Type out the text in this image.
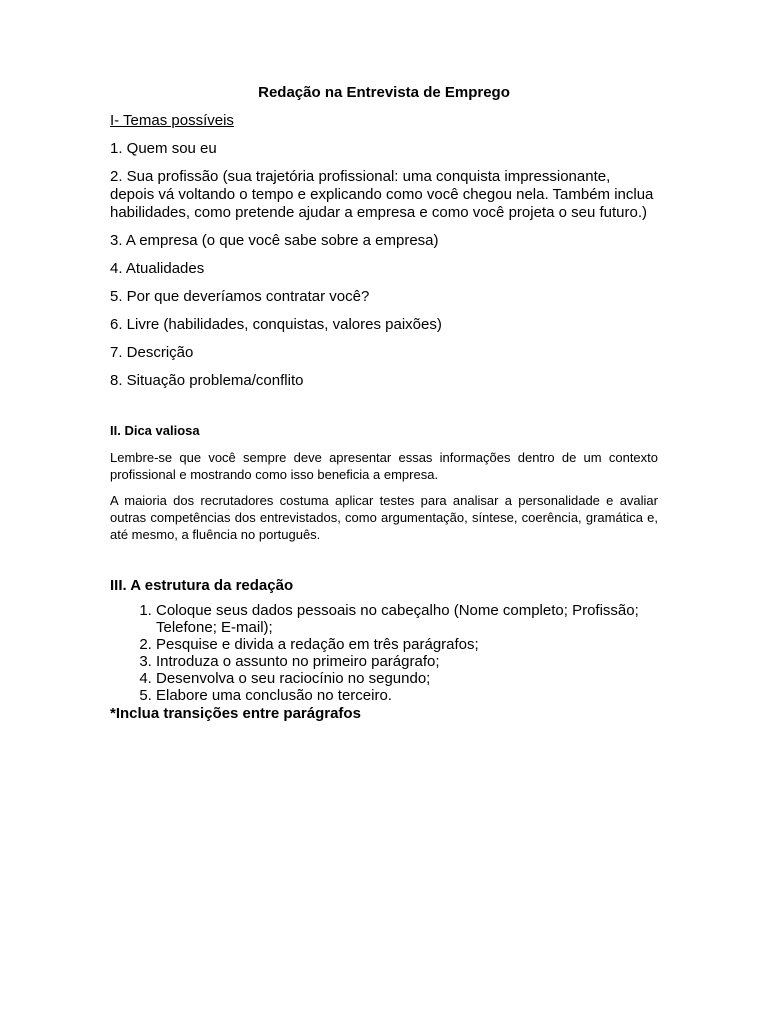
Redação na Entrevista de Emprego
I- Temas possíveis
1. Quem sou eu
2. Sua profissão (sua trajetória profissional: uma conquista impressionante, depois vá voltando o tempo e explicando como você chegou nela. Também inclua habilidades, como pretende ajudar a empresa e como você projeta o seu futuro.)
3. A empresa (o que você sabe sobre a empresa)
4. Atualidades
5. Por que deveríamos contratar você?
6. Livre (habilidades, conquistas, valores paixões)
7. Descrição
8. Situação problema/conflito
II. Dica valiosa

Lembre-se que você sempre deve apresentar essas informações dentro de um contexto profissional e mostrando como isso beneficia a empresa.

A maioria dos recrutadores costuma aplicar testes para analisar a personalidade e avaliar outras competências dos entrevistados, como argumentação, síntese, coerência, gramática e, até mesmo, a fluência no português.

III. A estrutura da redação
1. Coloque seus dados pessoais no cabeçalho (Nome completo; Profissão; Telefone; E-mail);
2. Pesquise e divida a redação em três parágrafos;
3. Introduza o assunto no primeiro parágrafo;
4. Desenvolva o seu raciocínio no segundo;
5. Elabore uma conclusão no terceiro.
*Inclua transições entre parágrafos
